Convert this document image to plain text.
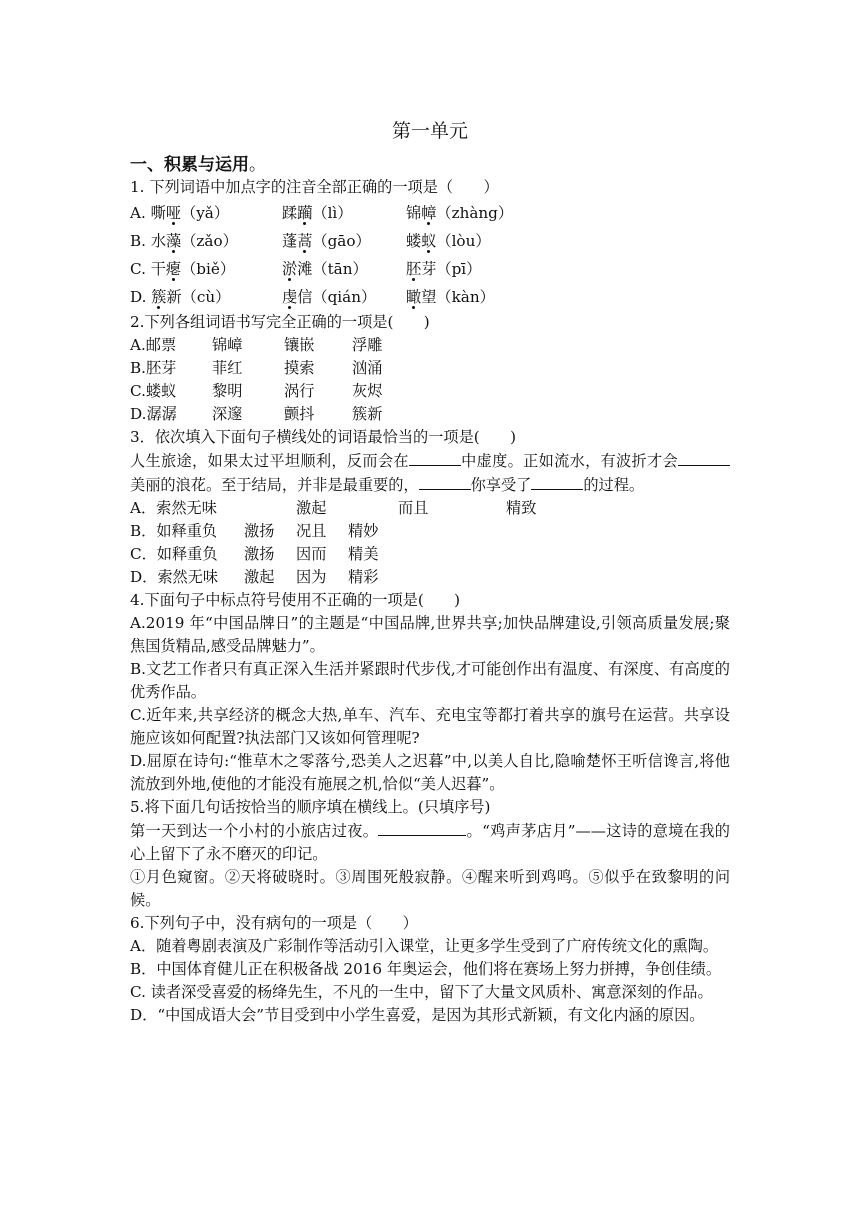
第一单元
一、积累与运用。

1. 下列词语中加点字的注音全部正确的一项是（　　）

A. 嘶哑（yǎ）	蹂躏（lì）	锦幛（zhàng）
B. 水藻（zǎo）	蓬蒿（gāo）	蝼蚁（lòu）
C. 干瘪（biě）	淤滩（tān）	胚芽（pī）
D. 簇新（cù）	虔信（qián）	瞰望（kàn）

2.下列各组词语书写完全正确的一项是(　　)

A.邮票	锦嶂	镶嵌	浮雕
B.胚芽	菲红	摸索	汹涌
C.蝼蚁	黎明	涡行	灰烬
D.潺潺	深邃	颤抖	簇新

3．依次填入下面句子横线处的词语最恰当的一项是(　　)

人生旅途，如果太过平坦顺利，反而会在	中虚度。正如流水，有波折才会美丽的浪花。至于结局，并非是最重要的，	你享受了	的过程。

A．索然无味	激起	而且	精致
B．如释重负	激扬	况且	精妙
C．如释重负	激扬	因而	精美
D．索然无味	激起	因为	精彩

4.下面句子中标点符号使用不正确的一项是(　　)

A.2019 年“中国品牌日”的主题是“中国品牌,世界共享;加快品牌建设,引领高质量发展;聚焦国货精品,感受品牌魅力”。

B.文艺工作者只有真正深入生活并紧跟时代步伐,才可能创作出有温度、有深度、有高度的优秀作品。

C.近年来,共享经济的概念大热,单车、汽车、充电宝等都打着共享的旗号在运营。共享设施应该如何配置?执法部门又该如何管理呢?

D.屈原在诗句:“惟草木之零落兮,恐美人之迟暮”中,以美人自比,隐喻楚怀王听信谗言,将他流放到外地,使他的才能没有施展之机,恰似“美人迟暮”。

5.将下面几句话按恰当的顺序填在横线上。(只填序号)

第一天到达一个小村的小旅店过夜。	。“鸡声茅店月”——这诗的意境在我的心上留下了永不磨灭的印记。

①月色窥窗。②天将破晓时。③周围死般寂静。④醒来听到鸡鸣。⑤似乎在致黎明的问候。

6.下列句子中，没有病句的一项是（　　）

A．随着粤剧表演及广彩制作等活动引入课堂，让更多学生受到了广府传统文化的熏陶。

B．中国体育健儿正在积极备战 2016 年奥运会，他们将在赛场上努力拼搏，争创佳绩。

C. 读者深受喜爱的杨绛先生，不凡的一生中，留下了大量文风质朴、寓意深刻的作品。

D．“中国成语大会”节目受到中小学生喜爱，是因为其形式新颖，有文化内涵的原因。
